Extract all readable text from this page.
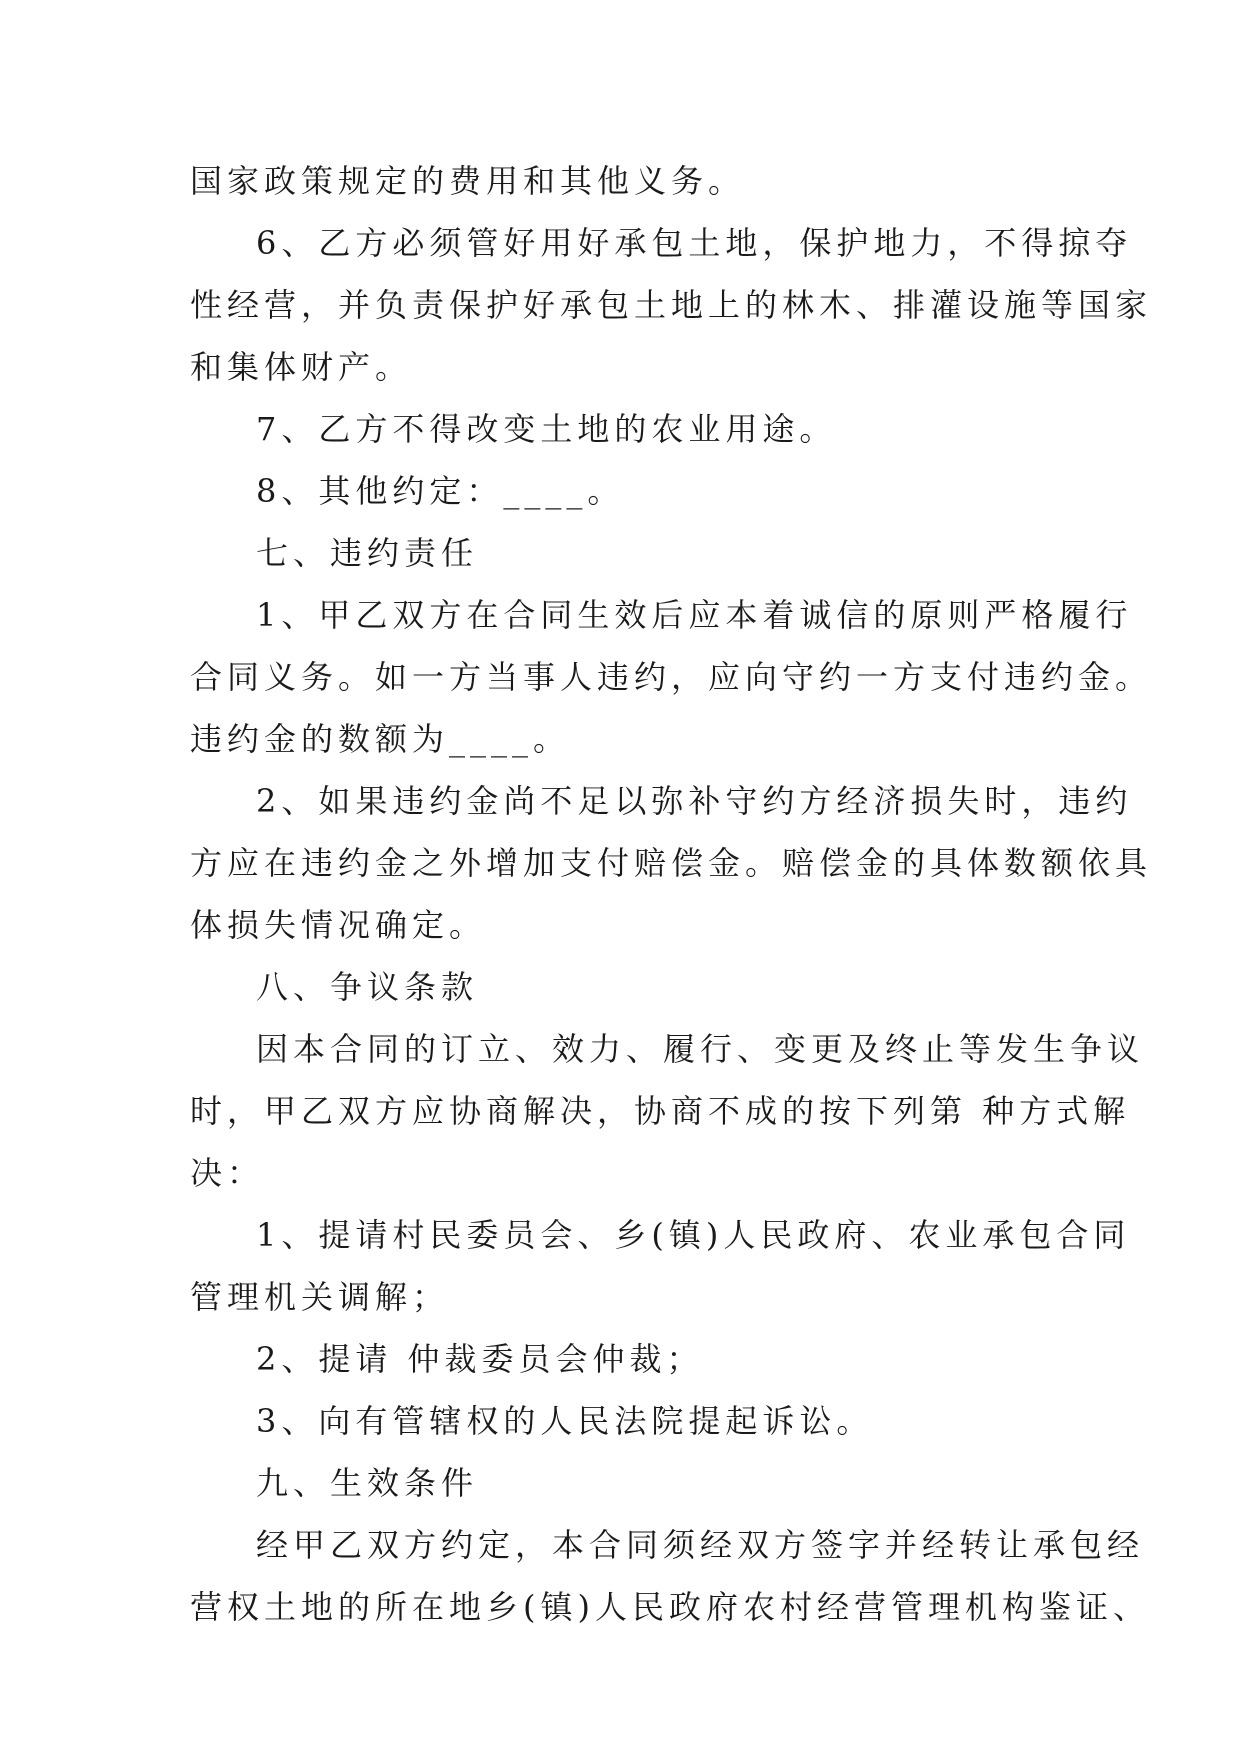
国家政策规定的费用和其他义务。
6、乙方必须管好用好承包土地，保护地力，不得掠夺
性经营，并负责保护好承包土地上的林木、排灌设施等国家
和集体财产。
7、乙方不得改变土地的农业用途。
8、其他约定：____。
七、违约责任
1、甲乙双方在合同生效后应本着诚信的原则严格履行
合同义务。如一方当事人违约，应向守约一方支付违约金。
违约金的数额为____。
2、如果违约金尚不足以弥补守约方经济损失时，违约
方应在违约金之外增加支付赔偿金。赔偿金的具体数额依具
体损失情况确定。
八、争议条款
因本合同的订立、效力、履行、变更及终止等发生争议
时，甲乙双方应协商解决，协商不成的按下列第 种方式解
决：
1、提请村民委员会、乡(镇)人民政府、农业承包合同
管理机关调解；
2、提请 仲裁委员会仲裁；
3、向有管辖权的人民法院提起诉讼。
九、生效条件
经甲乙双方约定，本合同须经双方签字并经转让承包经
营权土地的所在地乡(镇)人民政府农村经营管理机构鉴证、
